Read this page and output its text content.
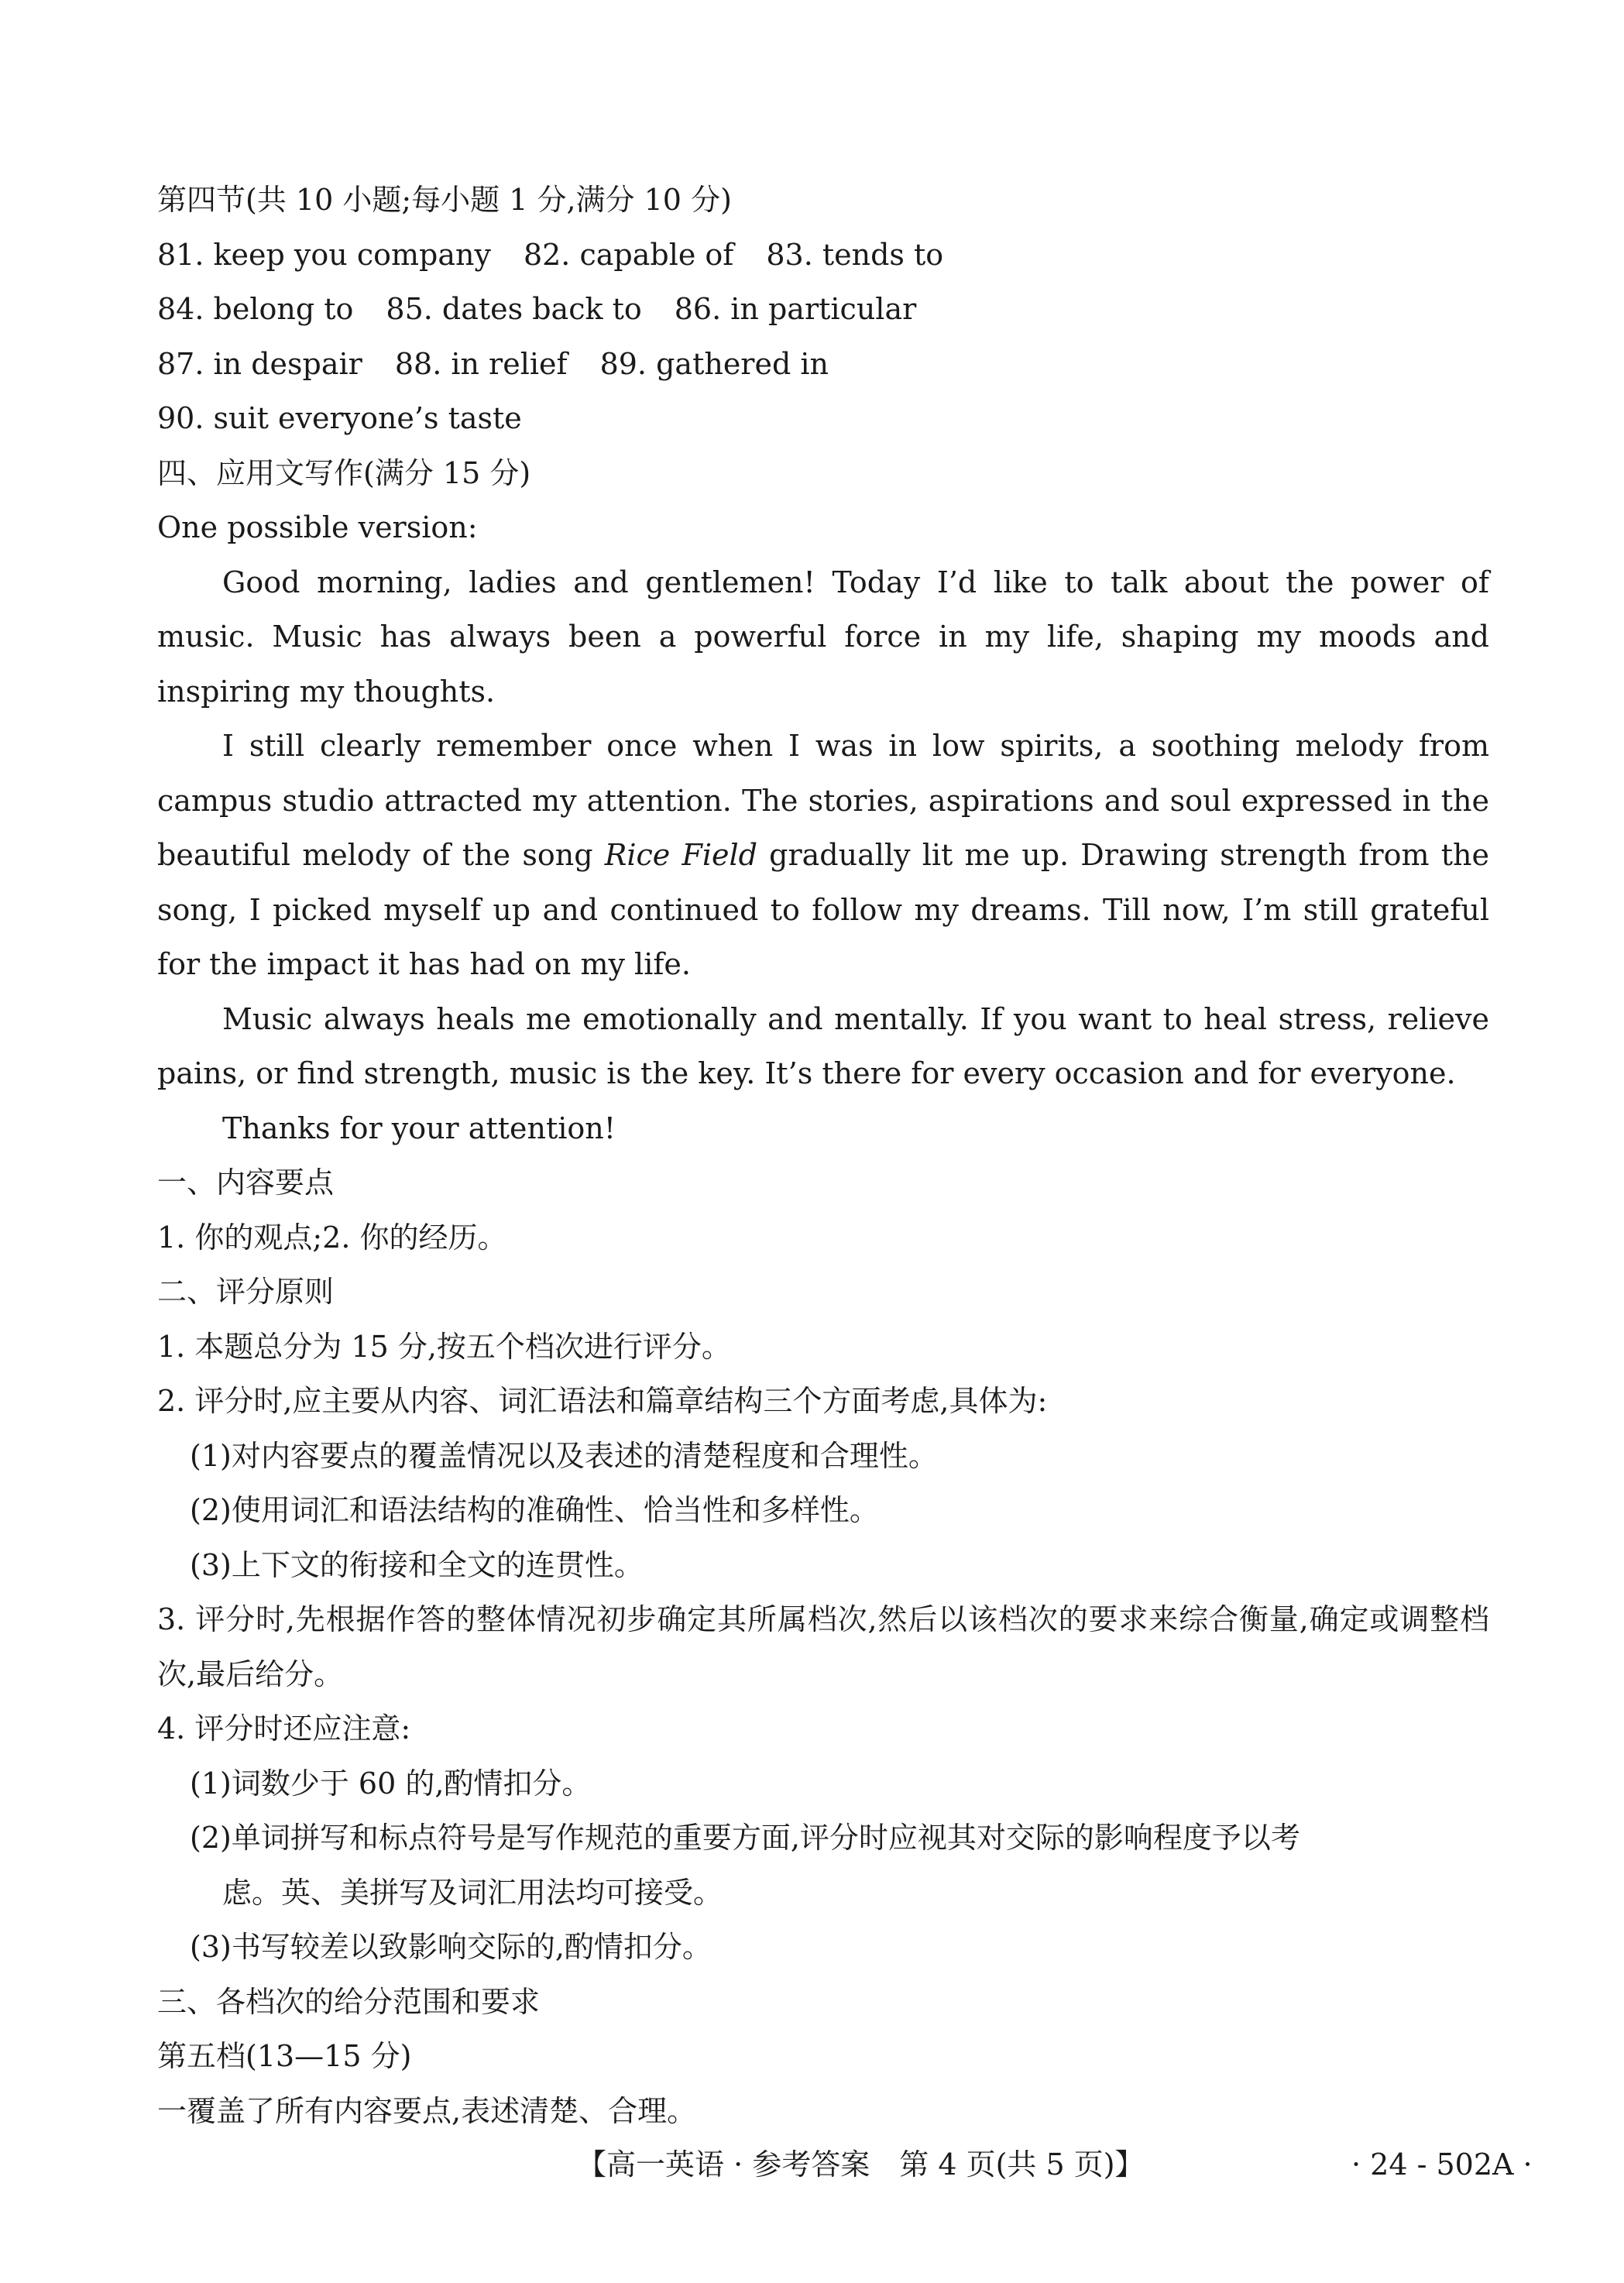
第四节(共 10 小题;每小题 1 分,满分 10 分)
81. keep you company 82. capable of 83. tends to
84. belong to 85. dates back to 86. in particular
87. in despair 88. in relief 89. gathered in
90. suit everyone’s taste
四、应用文写作(满分 15 分)
One possible version:
Good morning, ladies and gentlemen! Today I’d like to talk about the power of music. Music has always been a powerful force in my life, shaping my moods and inspiring my thoughts.
I still clearly remember once when I was in low spirits, a soothing melody from campus studio attracted my attention. The stories, aspirations and soul expressed in the beautiful melody of the song Rice Field gradually lit me up. Drawing strength from the song, I picked myself up and continued to follow my dreams. Till now, I’m still grateful for the impact it has had on my life.
Music always heals me emotionally and mentally. If you want to heal stress, relieve pains, or find strength, music is the key. It’s there for every occasion and for everyone.
Thanks for your attention!
一、内容要点
1. 你的观点;2. 你的经历。
二、评分原则
1. 本题总分为 15 分,按五个档次进行评分。
2. 评分时,应主要从内容、词汇语法和篇章结构三个方面考虑,具体为:
(1)对内容要点的覆盖情况以及表述的清楚程度和合理性。
(2)使用词汇和语法结构的准确性、恰当性和多样性。
(3)上下文的衔接和全文的连贯性。
3. 评分时,先根据作答的整体情况初步确定其所属档次,然后以该档次的要求来综合衡量,确定或调整档次,最后给分。
4. 评分时还应注意:
(1)词数少于 60 的,酌情扣分。
(2)单词拼写和标点符号是写作规范的重要方面,评分时应视其对交际的影响程度予以考
虑。英、美拼写及词汇用法均可接受。
(3)书写较差以致影响交际的,酌情扣分。
三、各档次的给分范围和要求
第五档(13—15 分)
一覆盖了所有内容要点,表述清楚、合理。
【高一英语 · 参考答案　第 4 页(共 5 页)】	· 24 - 502A ·
